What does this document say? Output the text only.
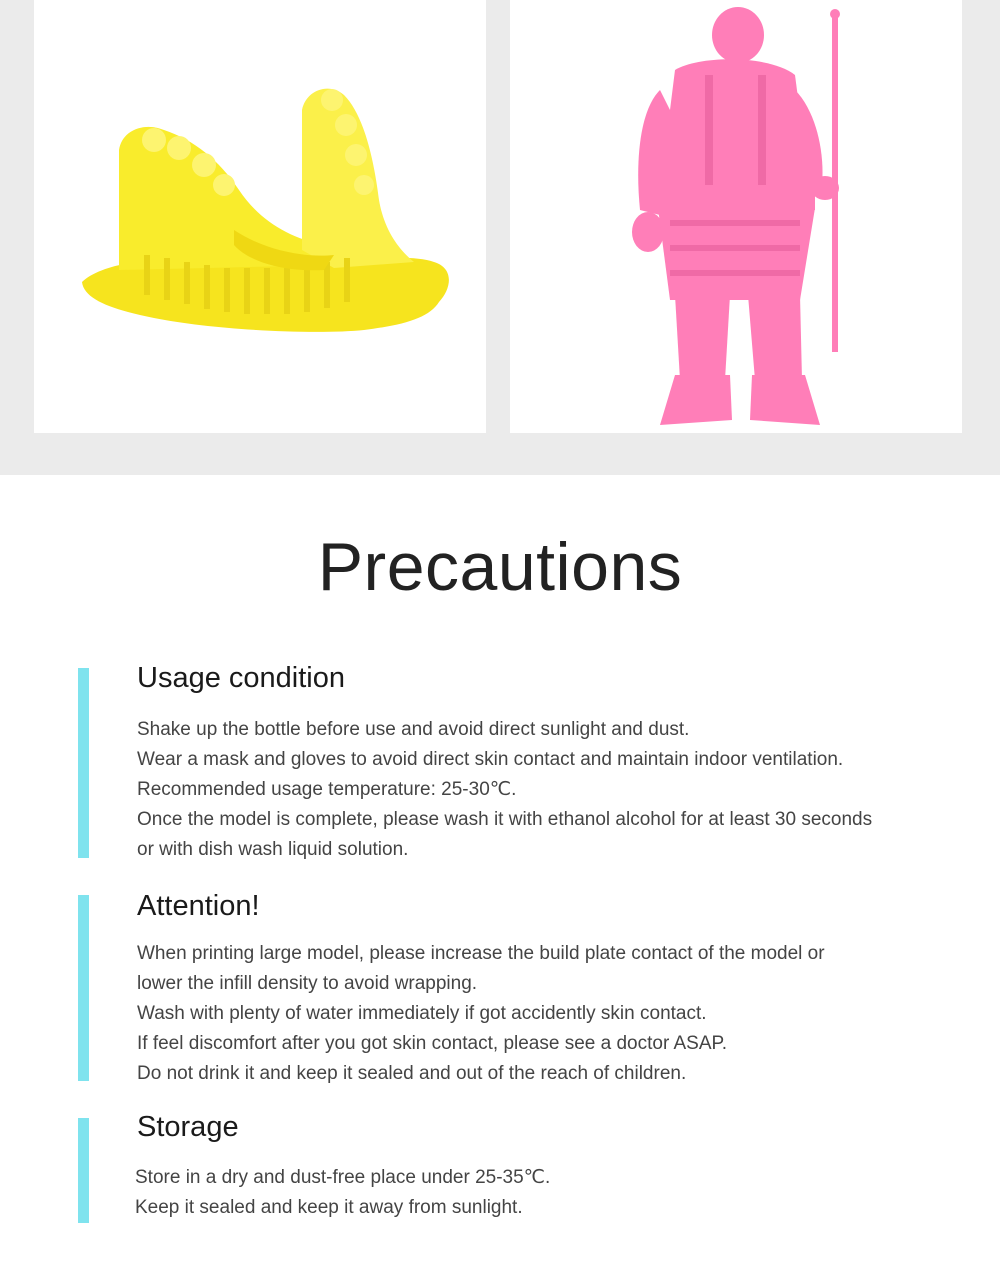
Precautions
Usage condition
Shake up the bottle before use and avoid direct sunlight and dust.
Wear a mask and gloves to avoid direct skin contact and maintain indoor ventilation.
Recommended usage temperature: 25-30℃.
Once the model is complete, please wash it with ethanol alcohol for at least 30 seconds
or with dish wash liquid solution.
Attention!
When printing large model, please increase the build plate contact of the model or
lower the infill density to avoid wrapping.
Wash with plenty of water immediately if got accidently skin contact.
If feel discomfort after you got skin contact, please see a doctor ASAP.
Do not drink it and keep it sealed and out of the reach of children.
Storage
Store in a dry and dust-free place under 25-35℃.
Keep it sealed and keep it away from sunlight.
